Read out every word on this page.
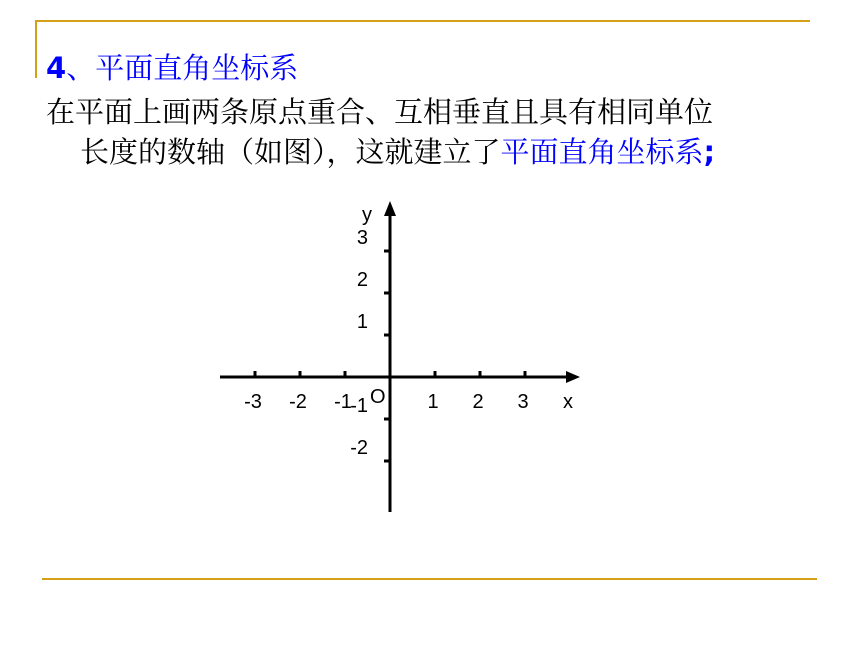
4、平面直角坐标系
在平面上画两条原点重合、互相垂直且具有相同单位
长度的数轴（如图），这就建立了平面直角坐标系;
-3 -2 -1	1 2 3
3
2
1
-1
-2
x
y
O
